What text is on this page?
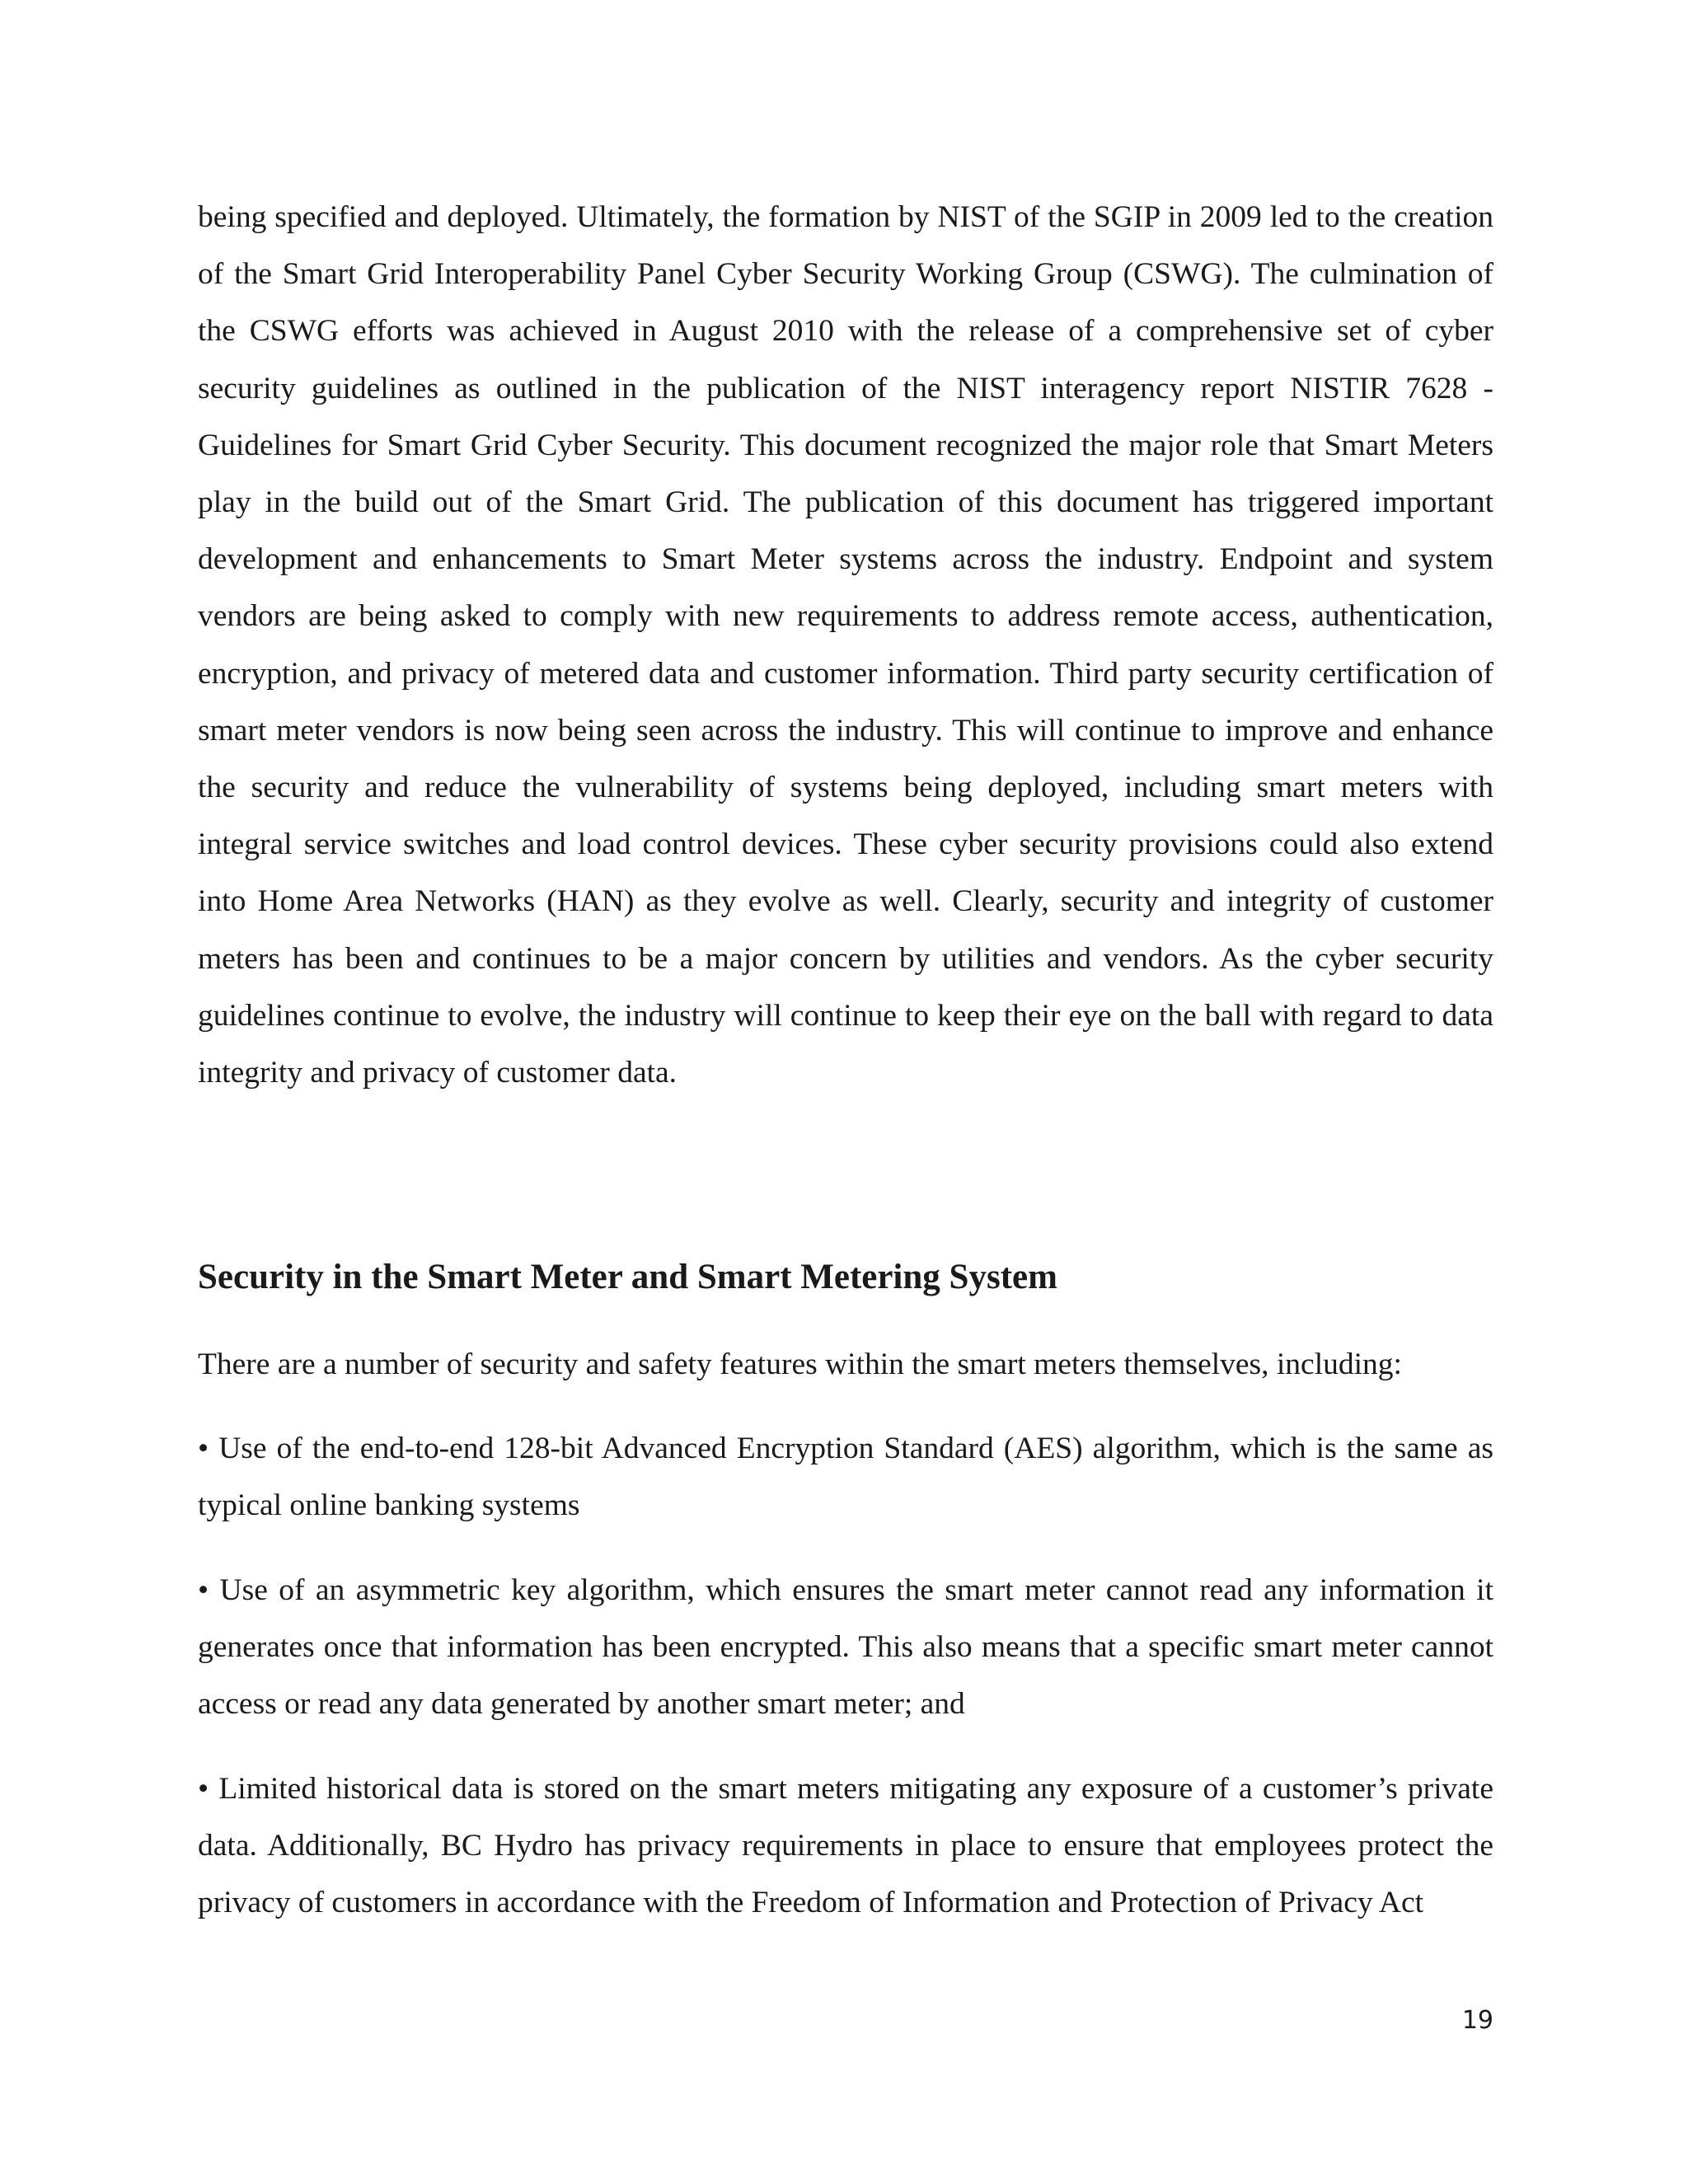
being specified and deployed. Ultimately, the formation by NIST of the SGIP in 2009 led to the creation of the Smart Grid Interoperability Panel Cyber Security Working Group (CSWG). The culmination of the CSWG efforts was achieved in August 2010 with the release of a comprehensive set of cyber security guidelines as outlined in the publication of the NIST interagency report NISTIR 7628 - Guidelines for Smart Grid Cyber Security. This document recognized the major role that Smart Meters play in the build out of the Smart Grid. The publication of this document has triggered important development and enhancements to Smart Meter systems across the industry. Endpoint and system vendors are being asked to comply with new requirements to address remote access, authentication, encryption, and privacy of metered data and customer information. Third party security certification of smart meter vendors is now being seen across the industry. This will continue to improve and enhance the security and reduce the vulnerability of systems being deployed, including smart meters with integral service switches and load control devices. These cyber security provisions could also extend into Home Area Networks (HAN) as they evolve as well. Clearly, security and integrity of customer meters has been and continues to be a major concern by utilities and vendors. As the cyber security guidelines continue to evolve, the industry will continue to keep their eye on the ball with regard to data integrity and privacy of customer data.

Security in the Smart Meter and Smart Metering System

There are a number of security and safety features within the smart meters themselves, including:

• Use of the end-to-end 128-bit Advanced Encryption Standard (AES) algorithm, which is the same as typical online banking systems

• Use of an asymmetric key algorithm, which ensures the smart meter cannot read any information it generates once that information has been encrypted. This also means that a specific smart meter cannot access or read any data generated by another smart meter; and

• Limited historical data is stored on the smart meters mitigating any exposure of a customer’s private data. Additionally, BC Hydro has privacy requirements in place to ensure that employees protect the privacy of customers in accordance with the Freedom of Information and Protection of Privacy Act

19
